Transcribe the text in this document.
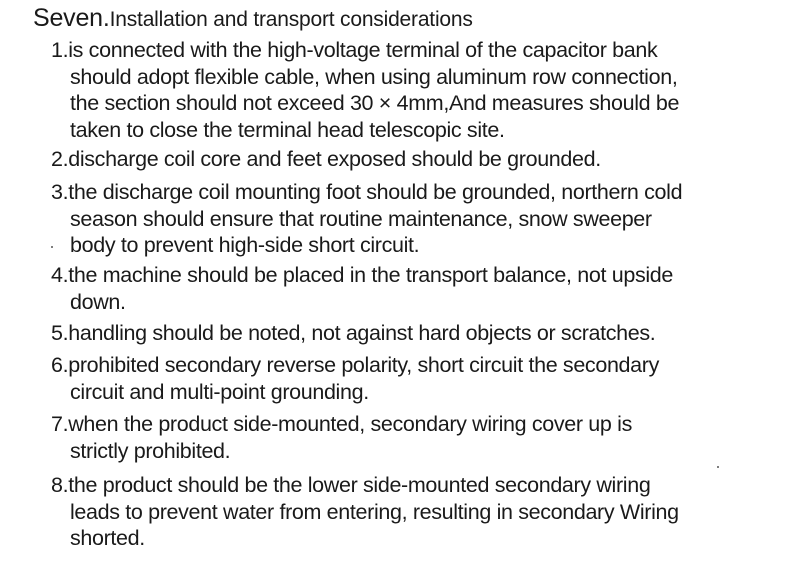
Seven.Installation and transport considerations
1.is connected with the high-voltage terminal of the capacitor bank
should adopt flexible cable, when using aluminum row connection,
the section should not exceed 30 × 4mm,And measures should be
taken to close the terminal head telescopic site.
2.discharge coil core and feet exposed should be grounded.
3.the discharge coil mounting foot should be grounded, northern cold
season should ensure that routine maintenance, snow sweeper
body to prevent high-side short circuit.
4.the machine should be placed in the transport balance, not upside
down.
5.handling should be noted, not against hard objects or scratches.
6.prohibited secondary reverse polarity, short circuit the secondary
circuit and multi-point grounding.
7.when the product side-mounted, secondary wiring cover up is
strictly prohibited.
8.the product should be the lower side-mounted secondary wiring
leads to prevent water from entering, resulting in secondary Wiring
shorted.
